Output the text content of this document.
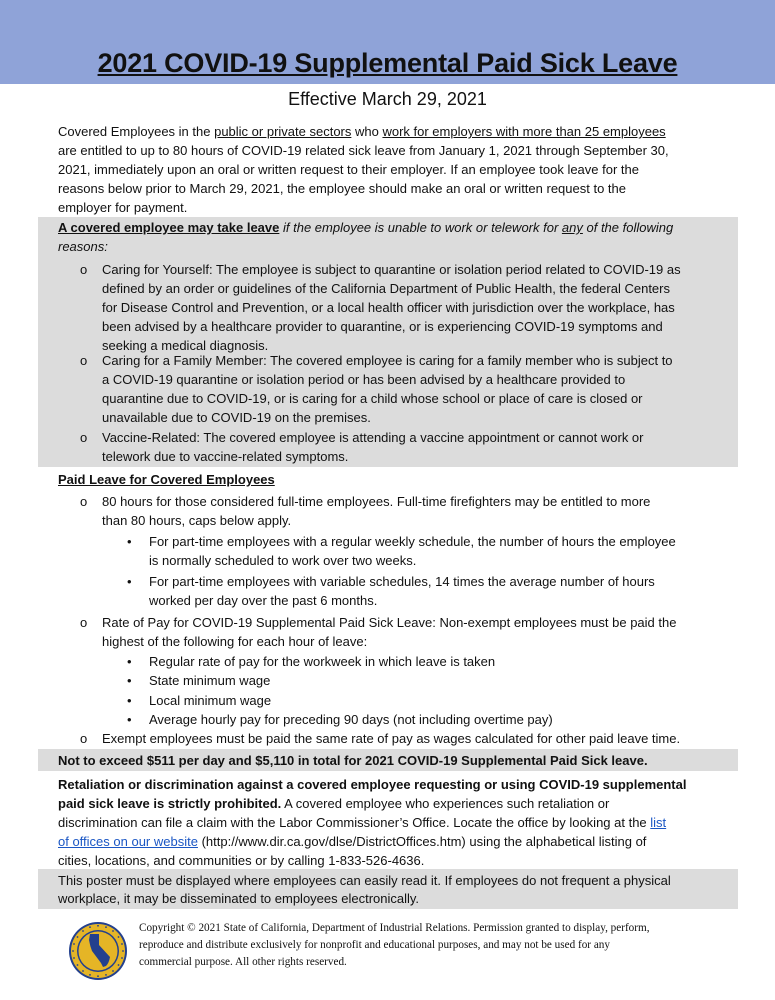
2021 COVID-19 Supplemental Paid Sick Leave
Effective March 29, 2021
Covered Employees in the public or private sectors who work for employers with more than 25 employees
are entitled to up to 80 hours of COVID-19 related sick leave from January 1, 2021 through September 30,
2021, immediately upon an oral or written request to their employer. If an employee took leave for the
reasons below prior to March 29, 2021, the employee should make an oral or written request to the
employer for payment.
A covered employee may take leave if the employee is unable to work or telework for any of the following
reasons:
o	Caring for Yourself: The employee is subject to quarantine or isolation period related to COVID-19 as
defined by an order or guidelines of the California Department of Public Health, the federal Centers
for Disease Control and Prevention, or a local health officer with jurisdiction over the workplace, has
been advised by a healthcare provider to quarantine, or is experiencing COVID-19 symptoms and
seeking a medical diagnosis.
o	Caring for a Family Member: The covered employee is caring for a family member who is subject to
a COVID-19 quarantine or isolation period or has been advised by a healthcare provided to
quarantine due to COVID-19, or is caring for a child whose school or place of care is closed or
unavailable due to COVID-19 on the premises.
o	Vaccine-Related: The covered employee is attending a vaccine appointment or cannot work or
telework due to vaccine-related symptoms.
Paid Leave for Covered Employees
o	80 hours for those considered full-time employees. Full-time firefighters may be entitled to more
than 80 hours, caps below apply.
•	For part-time employees with a regular weekly schedule, the number of hours the employee
is normally scheduled to work over two weeks.
•	For part-time employees with variable schedules, 14 times the average number of hours
worked per day over the past 6 months.
o	Rate of Pay for COVID-19 Supplemental Paid Sick Leave: Non-exempt employees must be paid the
highest of the following for each hour of leave:
•	Regular rate of pay for the workweek in which leave is taken
•	State minimum wage
•	Local minimum wage
•	Average hourly pay for preceding 90 days (not including overtime pay)
o	Exempt employees must be paid the same rate of pay as wages calculated for other paid leave time.
Not to exceed $511 per day and $5,110 in total for 2021 COVID-19 Supplemental Paid Sick leave.
Retaliation or discrimination against a covered employee requesting or using COVID-19 supplemental
paid sick leave is strictly prohibited. A covered employee who experiences such retaliation or
discrimination can file a claim with the Labor Commissioner’s Office. Locate the office by looking at the list
of offices on our website (http://www.dir.ca.gov/dlse/DistrictOffices.htm) using the alphabetical listing of
cities, locations, and communities or by calling 1-833-526-4636.
This poster must be displayed where employees can easily read it. If employees do not frequent a physical
workplace, it may be disseminated to employees electronically.
Copyright © 2021 State of California, Department of Industrial Relations. Permission granted to display, perform,
reproduce and distribute exclusively for nonprofit and educational purposes, and may not be used for any
commercial purpose. All other rights reserved.
